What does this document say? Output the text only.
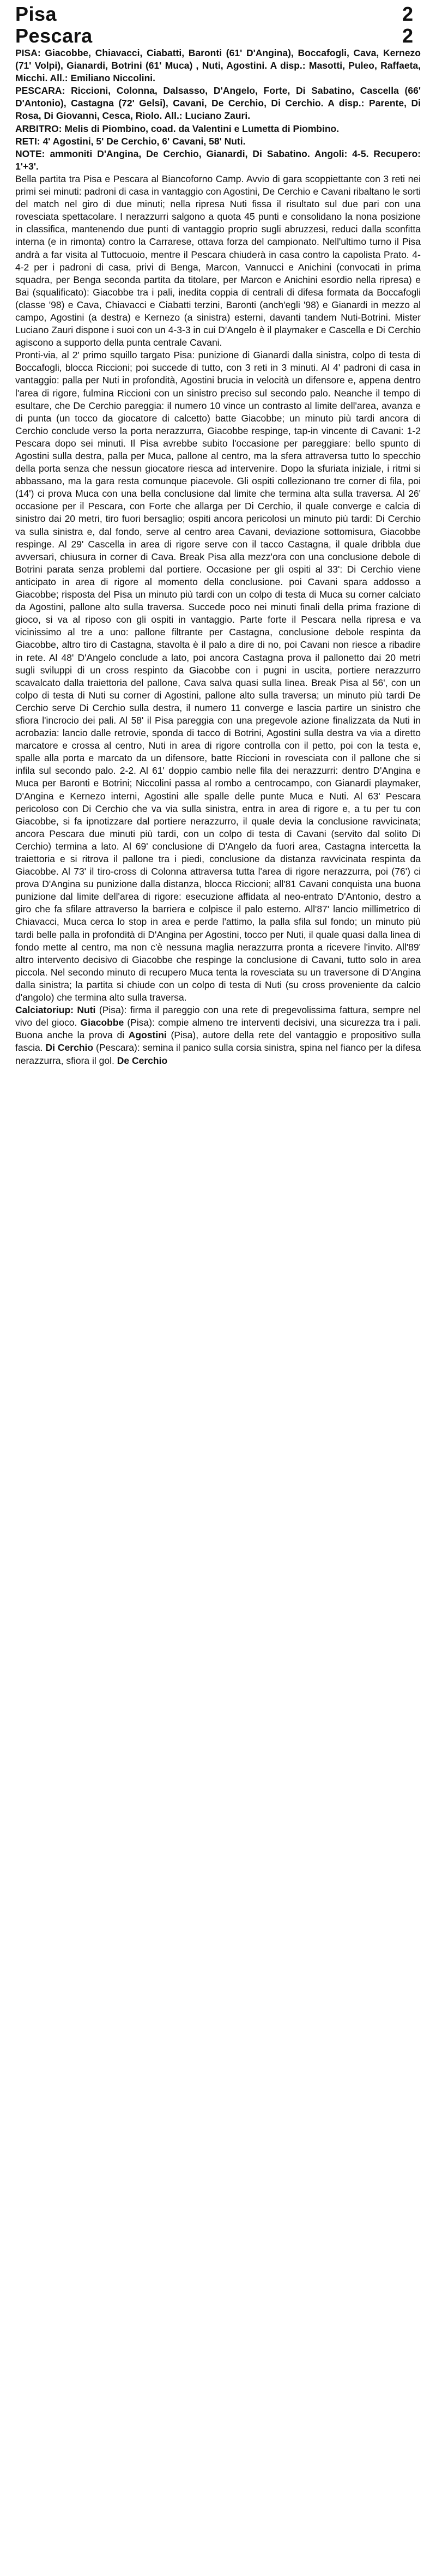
Pisa	2
Pescara	2

PISA: Giacobbe, Chiavacci, Ciabatti, Baronti (61' D'Angina), Boccafogli, Cava, Kernezo (71' Volpi), Gianardi, Botrini (61' Muca) , Nuti, Agostini. A disp.: Masotti, Puleo, Raffaeta, Micchi. All.: Emiliano Niccolini.

PESCARA: Riccioni, Colonna, Dalsasso, D'Angelo, Forte, Di Sabatino, Cascella (66' D'Antonio), Castagna (72' Gelsi), Cavani, De Cerchio, Di Cerchio. A disp.: Parente, Di Rosa, Di Giovanni, Cesca, Riolo. All.: Luciano Zauri.

ARBITRO: Melis di Piombino, coad. da Valentini e Lumetta di Piombino.

RETI: 4' Agostini, 5' De Cerchio, 6' Cavani, 58' Nuti.

NOTE: ammoniti D'Angina, De Cerchio, Gianardi, Di Sabatino. Angoli: 4-5. Recupero: 1'+3'.

Bella partita tra Pisa e Pescara al Biancoforno Camp. Avvio di gara scoppiettante con 3 reti nei primi sei minuti: padroni di casa in vantaggio con Agostini, De Cerchio e Cavani ribaltano le sorti del match nel giro di due minuti; nella ripresa Nuti fissa il risultato sul due pari con una rovesciata spettacolare. I nerazzurri salgono a quota 45 punti e consolidano la nona posizione in classifica, mantenendo due punti di vantaggio proprio sugli abruzzesi, reduci dalla sconfitta interna (e in rimonta) contro la Carrarese, ottava forza del campionato. Nell'ultimo turno il Pisa andrà a far visita al Tuttocuoio, mentre il Pescara chiuderà in casa contro la capolista Prato. 4-4-2 per i padroni di casa, privi di Benga, Marcon, Vannucci e Anichini (convocati in prima squadra, per Benga seconda partita da titolare, per Marcon e Anichini esordio nella ripresa) e Bai (squalificato): Giacobbe tra i pali, inedita coppia di centrali di difesa formata da Boccafogli (classe '98) e Cava, Chiavacci e Ciabatti terzini, Baronti (anch'egli '98) e Gianardi in mezzo al campo, Agostini (a destra) e Kernezo (a sinistra) esterni, davanti tandem Nuti-Botrini. Mister Luciano Zauri dispone i suoi con un 4-3-3 in cui D'Angelo è il playmaker e Cascella e Di Cerchio agiscono a supporto della punta centrale Cavani.

Pronti-via, al 2' primo squillo targato Pisa: punizione di Gianardi dalla sinistra, colpo di testa di Boccafogli, blocca Riccioni; poi succede di tutto, con 3 reti in 3 minuti. Al 4' padroni di casa in vantaggio: palla per Nuti in profondità, Agostini brucia in velocità un difensore e, appena dentro l'area di rigore, fulmina Riccioni con un sinistro preciso sul secondo palo. Neanche il tempo di esultare, che De Cerchio pareggia: il numero 10 vince un contrasto al limite dell'area, avanza e di punta (un tocco da giocatore di calcetto) batte Giacobbe; un minuto più tardi ancora di Cerchio conclude verso la porta nerazzurra, Giacobbe respinge, tap-in vincente di Cavani: 1-2 Pescara dopo sei minuti. Il Pisa avrebbe subito l'occasione per pareggiare: bello spunto di Agostini sulla destra, palla per Muca, pallone al centro, ma la sfera attraversa tutto lo specchio della porta senza che nessun giocatore riesca ad intervenire. Dopo la sfuriata iniziale, i ritmi si abbassano, ma la gara resta comunque piacevole. Gli ospiti collezionano tre corner di fila, poi (14') ci prova Muca con una bella conclusione dal limite che termina alta sulla traversa. Al 26' occasione per il Pescara, con Forte che allarga per Di Cerchio, il quale converge e calcia di sinistro dai 20 metri, tiro fuori bersaglio; ospiti ancora pericolosi un minuto più tardi: Di Cerchio va sulla sinistra e, dal fondo, serve al centro area Cavani, deviazione sottomisura, Giacobbe respinge. Al 29' Cascella in area di rigore serve con il tacco Castagna, il quale dribbla due avversari, chiusura in corner di Cava. Break Pisa alla mezz'ora con una conclusione debole di Botrini parata senza problemi dal portiere. Occasione per gli ospiti al 33': Di Cerchio viene anticipato in area di rigore al momento della conclusione. poi Cavani spara addosso a Giacobbe; risposta del Pisa un minuto più tardi con un colpo di testa di Muca su corner calciato da Agostini, pallone alto sulla traversa. Succede poco nei minuti finali della prima frazione di gioco, si va al riposo con gli ospiti in vantaggio. Parte forte il Pescara nella ripresa e va vicinissimo al tre a uno: pallone filtrante per Castagna, conclusione debole respinta da Giacobbe, altro tiro di Castagna, stavolta è il palo a dire di no, poi Cavani non riesce a ribadire in rete. Al 48' D'Angelo conclude a lato, poi ancora Castagna prova il pallonetto dai 20 metri sugli sviluppi di un cross respinto da Giacobbe con i pugni in uscita, portiere nerazzurro scavalcato dalla traiettoria del pallone, Cava salva quasi sulla linea. Break Pisa al 56', con un colpo di testa di Nuti su corner di Agostini, pallone alto sulla traversa; un minuto più tardi De Cerchio serve Di Cerchio sulla destra, il numero 11 converge e lascia partire un sinistro che sfiora l'incrocio dei pali. Al 58' il Pisa pareggia con una pregevole azione finalizzata da Nuti in acrobazia: lancio dalle retrovie, sponda di tacco di Botrini, Agostini sulla destra va via a diretto marcatore e crossa al centro, Nuti in area di rigore controlla con il petto, poi con la testa e, spalle alla porta e marcato da un difensore, batte Riccioni in rovesciata con il pallone che si infila sul secondo palo. 2-2. Al 61' doppio cambio nelle fila dei nerazzurri: dentro D'Angina e Muca per Baronti e Botrini; Niccolini passa al rombo a centrocampo, con Gianardi playmaker, D'Angina e Kernezo interni, Agostini alle spalle delle punte Muca e Nuti. Al 63' Pescara pericoloso con Di Cerchio che va via sulla sinistra, entra in area di rigore e, a tu per tu con Giacobbe, si fa ipnotizzare dal portiere nerazzurro, il quale devia la conclusione ravvicinata; ancora Pescara due minuti più tardi, con un colpo di testa di Cavani (servito dal solito Di Cerchio) termina a lato. Al 69' conclusione di D'Angelo da fuori area, Castagna intercetta la traiettoria e si ritrova il pallone tra i piedi, conclusione da distanza ravvicinata respinta da Giacobbe. Al 73' il tiro-cross di Colonna attraversa tutta l'area di rigore nerazzurra, poi (76') ci prova D'Angina su punizione dalla distanza, blocca Riccioni; all'81 Cavani conquista una buona punizione dal limite dell'area di rigore: esecuzione affidata al neo-entrato D'Antonio, destro a giro che fa sfilare attraverso la barriera e colpisce il palo esterno. All'87' lancio millimetrico di Chiavacci, Muca cerca lo stop in area e perde l'attimo, la palla sfila sul fondo; un minuto più tardi belle palla in profondità di D'Angina per Agostini, tocco per Nuti, il quale quasi dalla linea di fondo mette al centro, ma non c'è nessuna maglia nerazzurra pronta a ricevere l'invito. All'89' altro intervento decisivo di Giacobbe che respinge la conclusione di Cavani, tutto solo in area piccola. Nel secondo minuto di recupero Muca tenta la rovesciata su un traversone di D'Angina dalla sinistra; la partita si chiude con un colpo di testa di Nuti (su cross proveniente da calcio d'angolo) che termina alto sulla traversa.

Calciatoriup: Nuti (Pisa): firma il pareggio con una rete di pregevolissima fattura, sempre nel vivo del gioco. Giacobbe (Pisa): compie almeno tre interventi decisivi, una sicurezza tra i pali. Buona anche la prova di Agostini (Pisa), autore della rete del vantaggio e propositivo sulla fascia. Di Cerchio (Pescara): semina il panico sulla corsia sinistra, spina nel fianco per la difesa nerazzurra, sfiora il gol. De Cerchio
